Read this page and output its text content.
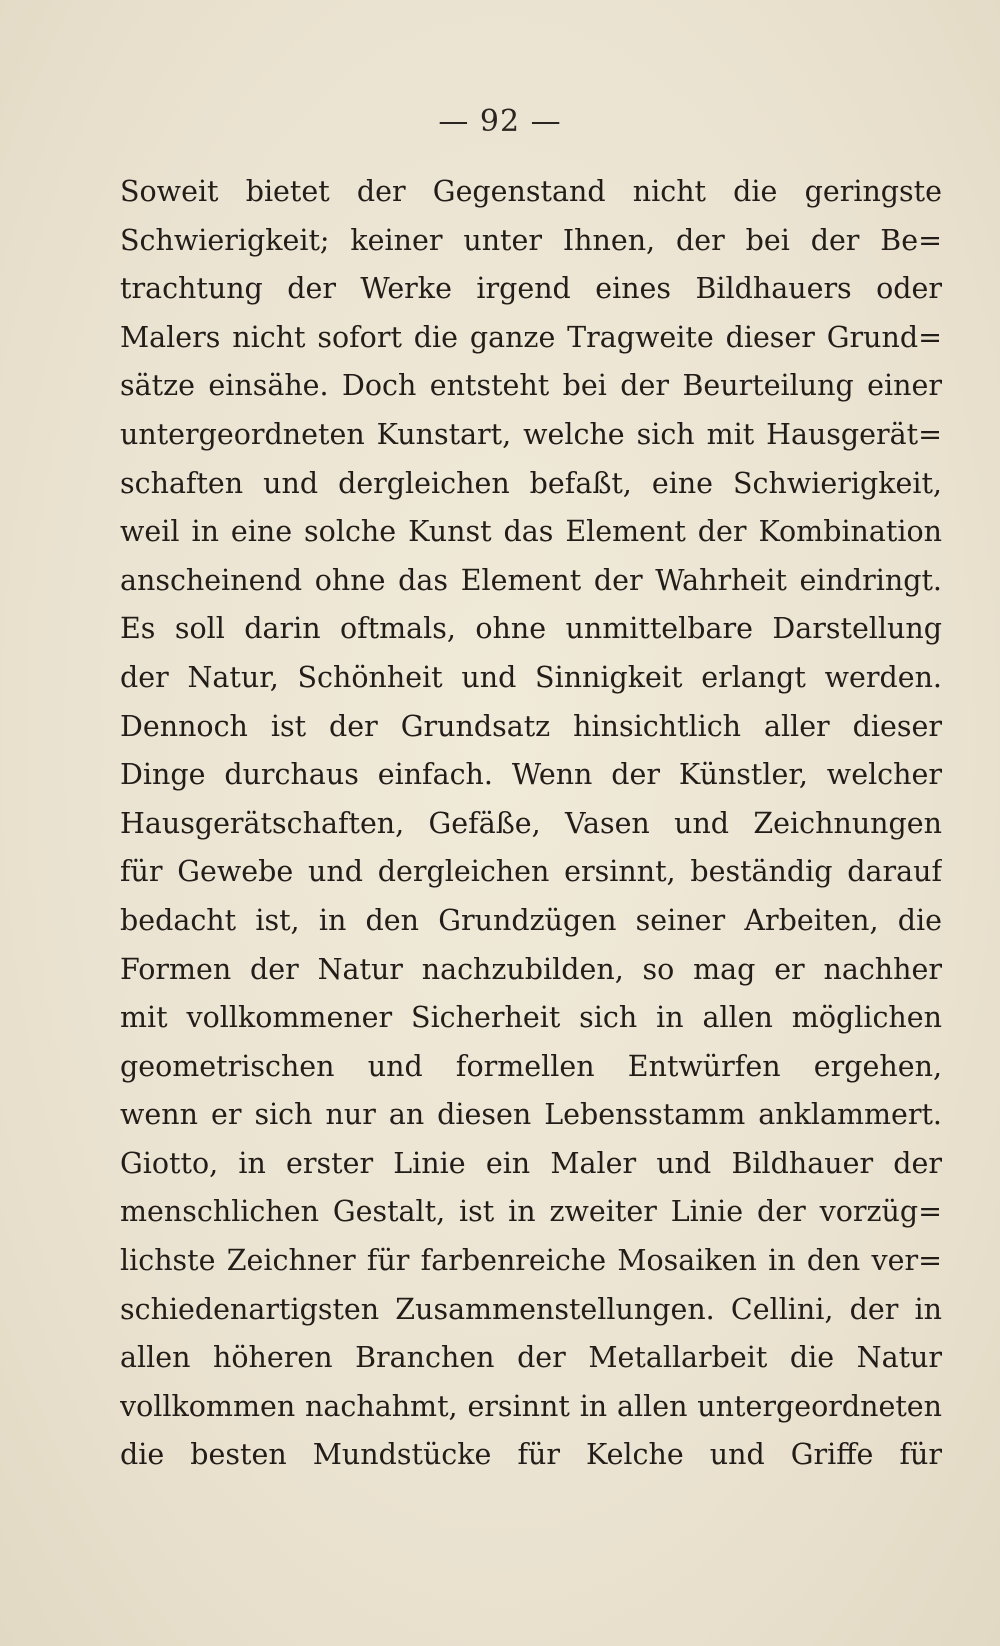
— 92 —
Soweit bietet der Gegenstand nicht die geringste
Schwierigkeit; keiner unter Ihnen, der bei der Be=
trachtung der Werke irgend eines Bildhauers oder
Malers nicht sofort die ganze Tragweite dieser Grund=
sätze einsähe. Doch entsteht bei der Beurteilung einer
untergeordneten Kunstart, welche sich mit Hausgerät=
schaften und dergleichen befaßt, eine Schwierigkeit,
weil in eine solche Kunst das Element der Kombination
anscheinend ohne das Element der Wahrheit eindringt.
Es soll darin oftmals, ohne unmittelbare Darstellung
der Natur, Schönheit und Sinnigkeit erlangt werden.
Dennoch ist der Grundsatz hinsichtlich aller dieser
Dinge durchaus einfach. Wenn der Künstler, welcher
Hausgerätschaften, Gefäße, Vasen und Zeichnungen
für Gewebe und dergleichen ersinnt, beständig darauf
bedacht ist, in den Grundzügen seiner Arbeiten, die
Formen der Natur nachzubilden, so mag er nachher
mit vollkommener Sicherheit sich in allen möglichen
geometrischen und formellen Entwürfen ergehen,
wenn er sich nur an diesen Lebensstamm anklammert.
Giotto, in erster Linie ein Maler und Bildhauer der
menschlichen Gestalt, ist in zweiter Linie der vorzüg=
lichste Zeichner für farbenreiche Mosaiken in den ver=
schiedenartigsten Zusammenstellungen. Cellini, der in
allen höheren Branchen der Metallarbeit die Natur
vollkommen nachahmt, ersinnt in allen untergeordneten
die besten Mundstücke für Kelche und Griffe für
